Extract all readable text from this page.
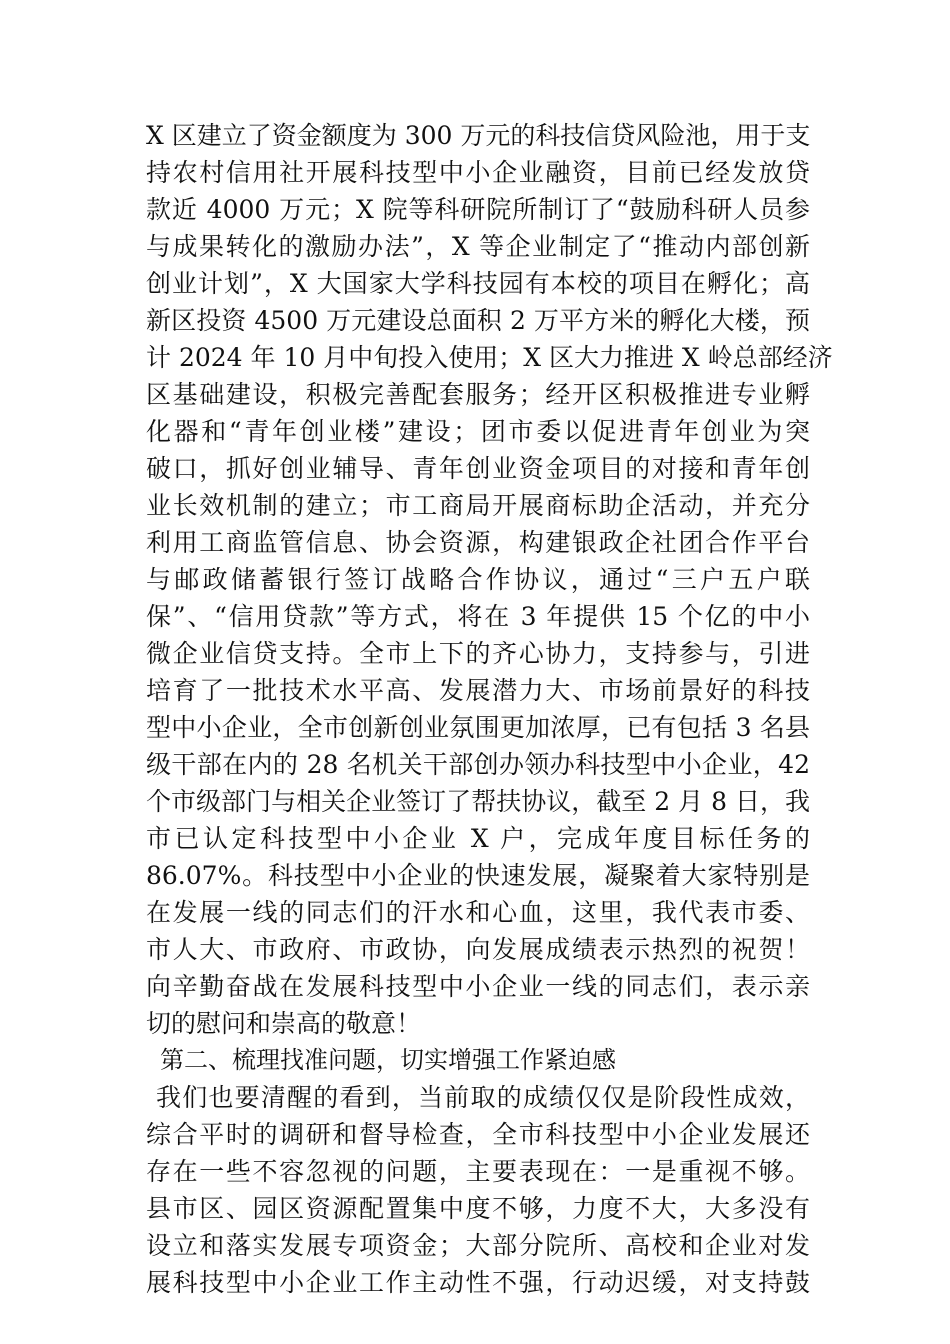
X 区建立了资金额度为 300 万元的科技信贷风险池，用于支
持农村信用社开展科技型中小企业融资，目前已经发放贷
款近 4000 万元；X 院等科研院所制订了“鼓励科研人员参
与成果转化的激励办法”，X 等企业制定了“推动内部创新
创业计划”，X 大国家大学科技园有本校的项目在孵化；高
新区投资 4500 万元建设总面积 2 万平方米的孵化大楼，预
计 2024 年 10 月中旬投入使用；X 区大力推进 X 岭总部经济
区基础建设，积极完善配套服务；经开区积极推进专业孵
化器和“青年创业楼”建设；团市委以促进青年创业为突
破口，抓好创业辅导、青年创业资金项目的对接和青年创
业长效机制的建立；市工商局开展商标助企活动，并充分
利用工商监管信息、协会资源，构建银政企社团合作平台
与邮政储蓄银行签订战略合作协议，通过“三户五户联
保”、“信用贷款”等方式，将在 3 年提供 15 个亿的中小
微企业信贷支持。全市上下的齐心协力，支持参与，引进
培育了一批技术水平高、发展潜力大、市场前景好的科技
型中小企业，全市创新创业氛围更加浓厚，已有包括 3 名县
级干部在内的 28 名机关干部创办领办科技型中小企业，42
个市级部门与相关企业签订了帮扶协议，截至 2 月 8 日，我
市已认定科技型中小企业 X 户，完成年度目标任务的
86.07%。科技型中小企业的快速发展，凝聚着大家特别是
在发展一线的同志们的汗水和心血，这里，我代表市委、
市人大、市政府、市政协，向发展成绩表示热烈的祝贺！
向辛勤奋战在发展科技型中小企业一线的同志们，表示亲
切的慰问和崇高的敬意！
第二、梳理找准问题，切实增强工作紧迫感
我们也要清醒的看到，当前取的成绩仅仅是阶段性成效，
综合平时的调研和督导检查，全市科技型中小企业发展还
存在一些不容忽视的问题，主要表现在：一是重视不够。
县市区、园区资源配置集中度不够，力度不大，大多没有
设立和落实发展专项资金；大部分院所、高校和企业对发
展科技型中小企业工作主动性不强，行动迟缓，对支持鼓
